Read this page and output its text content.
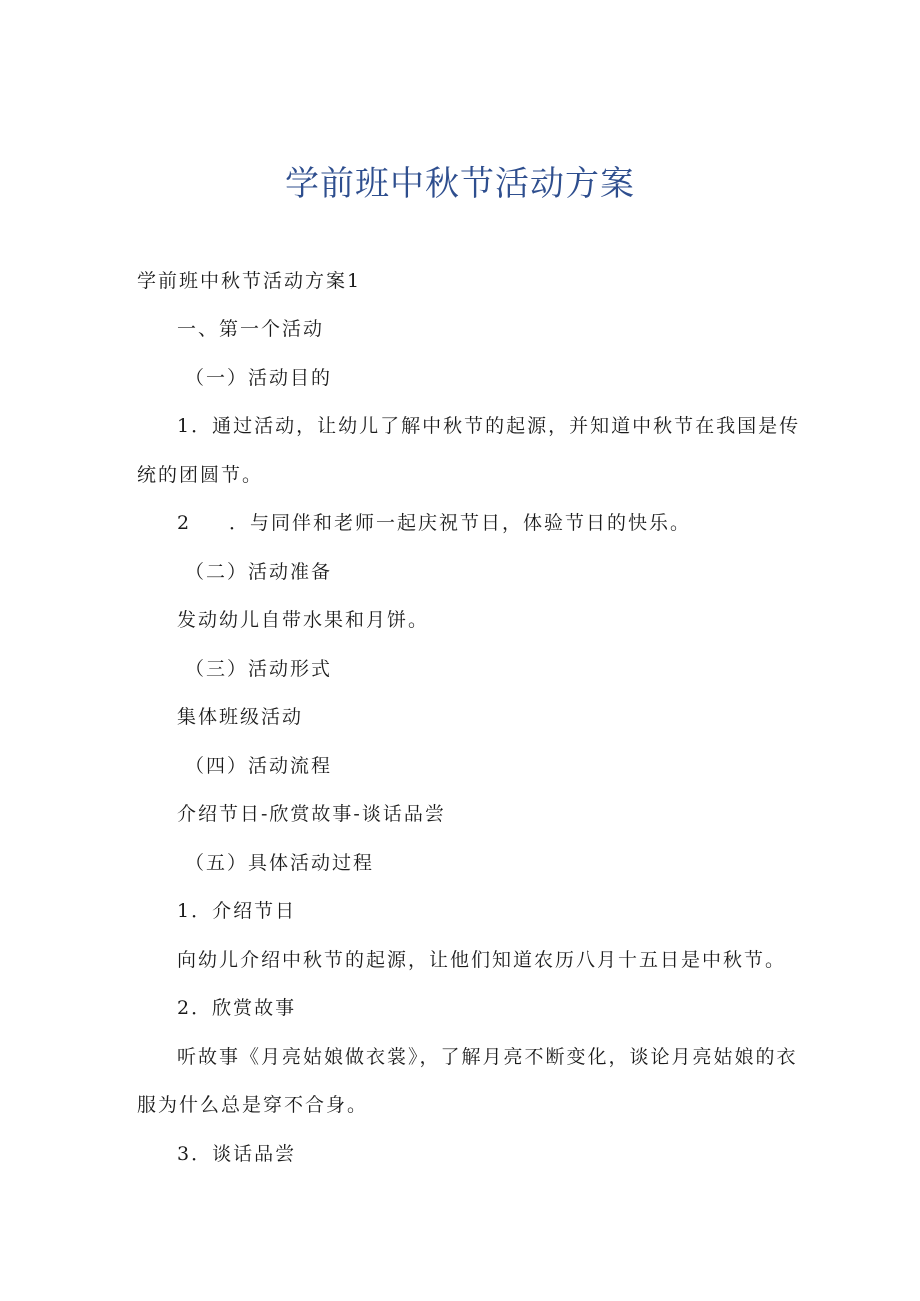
学前班中秋节活动方案
学前班中秋节活动方案1
一、第一个活动
（一）活动目的
1．通过活动，让幼儿了解中秋节的起源，并知道中秋节在我国是传
统的团圆节。
2 ．与同伴和老师一起庆祝节日，体验节日的快乐。
（二）活动准备
发动幼儿自带水果和月饼。
（三）活动形式
集体班级活动
（四）活动流程
介绍节日-欣赏故事-谈话品尝
（五）具体活动过程
1．介绍节日
向幼儿介绍中秋节的起源，让他们知道农历八月十五日是中秋节。
2．欣赏故事
听故事《月亮姑娘做衣裳》，了解月亮不断变化，谈论月亮姑娘的衣
服为什么总是穿不合身。
3．谈话品尝
